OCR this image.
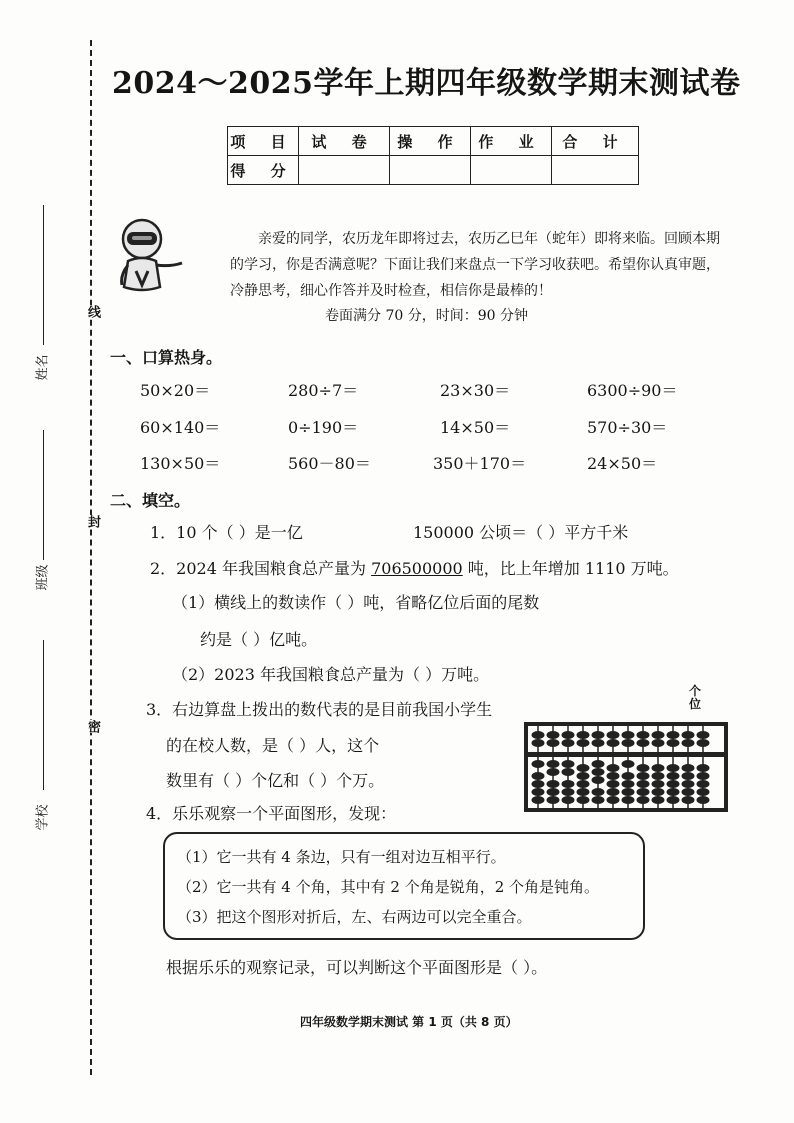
线
封
密
姓名
班级
学校
2024～2025学年上期四年级数学期末测试卷
项 目	试 卷	操 作	作 业	合 计
得 分				

亲爱的同学，农历龙年即将过去，农历乙巳年（蛇年）即将来临。回顾本期的学习，你是否满意呢？下面让我们来盘点一下学习收获吧。希望你认真审题，冷静思考，细心作答并及时检查，相信你是最棒的！

卷面满分 70 分，时间：90 分钟
一、口算热身。
50×20＝	280÷7＝	23×30＝	6300÷90＝
60×140＝	0÷190＝	14×50＝	570÷30＝
130×50＝	560－80＝	350＋170＝	24×50＝
二、填空。
1．10 个（ ）是一亿	150000 公顷＝（ ）平方千米
2．2024 年我国粮食总产量为 706500000 吨，比上年增加 1110 万吨。
（1）横线上的数读作（ ）吨，省略亿位后面的尾数
约是（ ）亿吨。
（2）2023 年我国粮食总产量为（ ）万吨。
3．右边算盘上拨出的数代表的是目前我国小学生
的在校人数，是（ ）人，这个
数里有（ ）个亿和（ ）个万。
个位
4．乐乐观察一个平面图形，发现：
（1）它一共有 4 条边，只有一组对边互相平行。
（2）它一共有 4 个角，其中有 2 个角是锐角，2 个角是钝角。
（3）把这个图形对折后，左、右两边可以完全重合。
根据乐乐的观察记录，可以判断这个平面图形是（ ）。
四年级数学期末测试 第 1 页（共 8 页）
